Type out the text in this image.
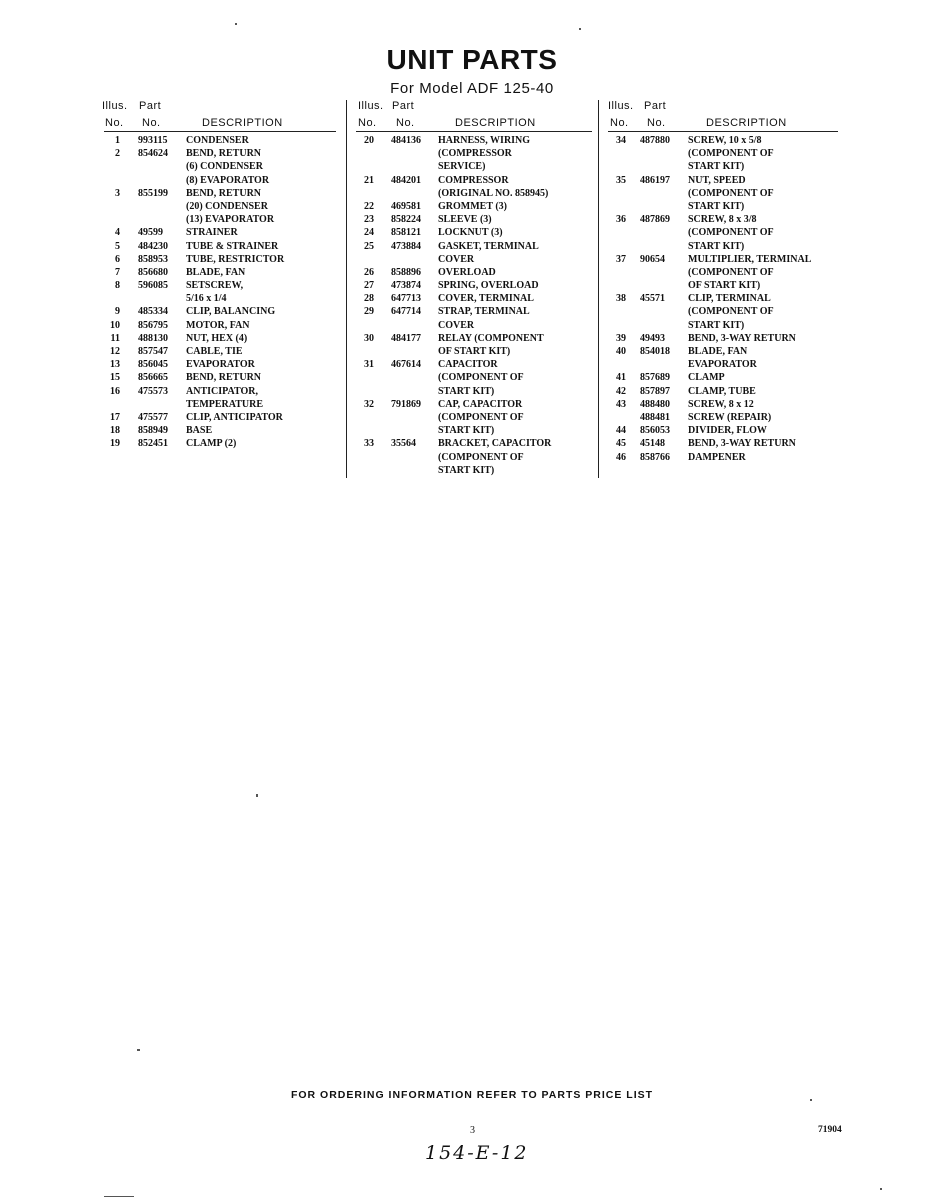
UNIT PARTS
For Model ADF 125-40
Illus. Part
No. No.	DESCRIPTION
1 993115 CONDENSER
2 854624 BEND, RETURN
(6) CONDENSER
(8) EVAPORATOR
3 855199 BEND, RETURN
(20) CONDENSER
(13) EVAPORATOR
4 49599 STRAINER
5 484230 TUBE & STRAINER
6 858953 TUBE, RESTRICTOR
7 856680 BLADE, FAN
8 596085 SETSCREW,
5/16 x 1/4
9 485334 CLIP, BALANCING
10 856795 MOTOR, FAN
11 488130 NUT, HEX (4)
12 857547 CABLE, TIE
13 856045 EVAPORATOR
15 856665 BEND, RETURN
16 475573 ANTICIPATOR,
TEMPERATURE
17 475577 CLIP, ANTICIPATOR
18 858949 BASE
19 852451 CLAMP (2)
Illus. Part
No. No.	DESCRIPTION
20 484136 HARNESS, WIRING
(COMPRESSOR
SERVICE)
21 484201 COMPRESSOR
(ORIGINAL NO. 858945)
22 469581 GROMMET (3)
23 858224 SLEEVE (3)
24 858121 LOCKNUT (3)
25 473884 GASKET, TERMINAL
COVER
26 858896 OVERLOAD
27 473874 SPRING, OVERLOAD
28 647713 COVER, TERMINAL
29 647714 STRAP, TERMINAL
COVER
30 484177 RELAY (COMPONENT
OF START KIT)
31 467614 CAPACITOR
(COMPONENT OF
START KIT)
32 791869 CAP, CAPACITOR
(COMPONENT OF
START KIT)
33 35564 BRACKET, CAPACITOR
(COMPONENT OF
START KIT)
Illus. Part
No. No.	DESCRIPTION
34 487880 SCREW, 10 x 5/8
(COMPONENT OF
START KIT)
35 486197 NUT, SPEED
(COMPONENT OF
START KIT)
36 487869 SCREW, 8 x 3/8
(COMPONENT OF
START KIT)
37 90654 MULTIPLIER, TERMINAL
(COMPONENT OF
OF START KIT)
38 45571 CLIP, TERMINAL
(COMPONENT OF
START KIT)
39 49493 BEND, 3-WAY RETURN
40 854018 BLADE, FAN
EVAPORATOR
41 857689 CLAMP
42 857897 CLAMP, TUBE
43 488480 SCREW, 8 x 12
488481 SCREW (REPAIR)
44 856053 DIVIDER, FLOW
45 45148 BEND, 3-WAY RETURN
46 858766 DAMPENER
FOR ORDERING INFORMATION REFER TO PARTS PRICE LIST
3	71904
154-E-12
